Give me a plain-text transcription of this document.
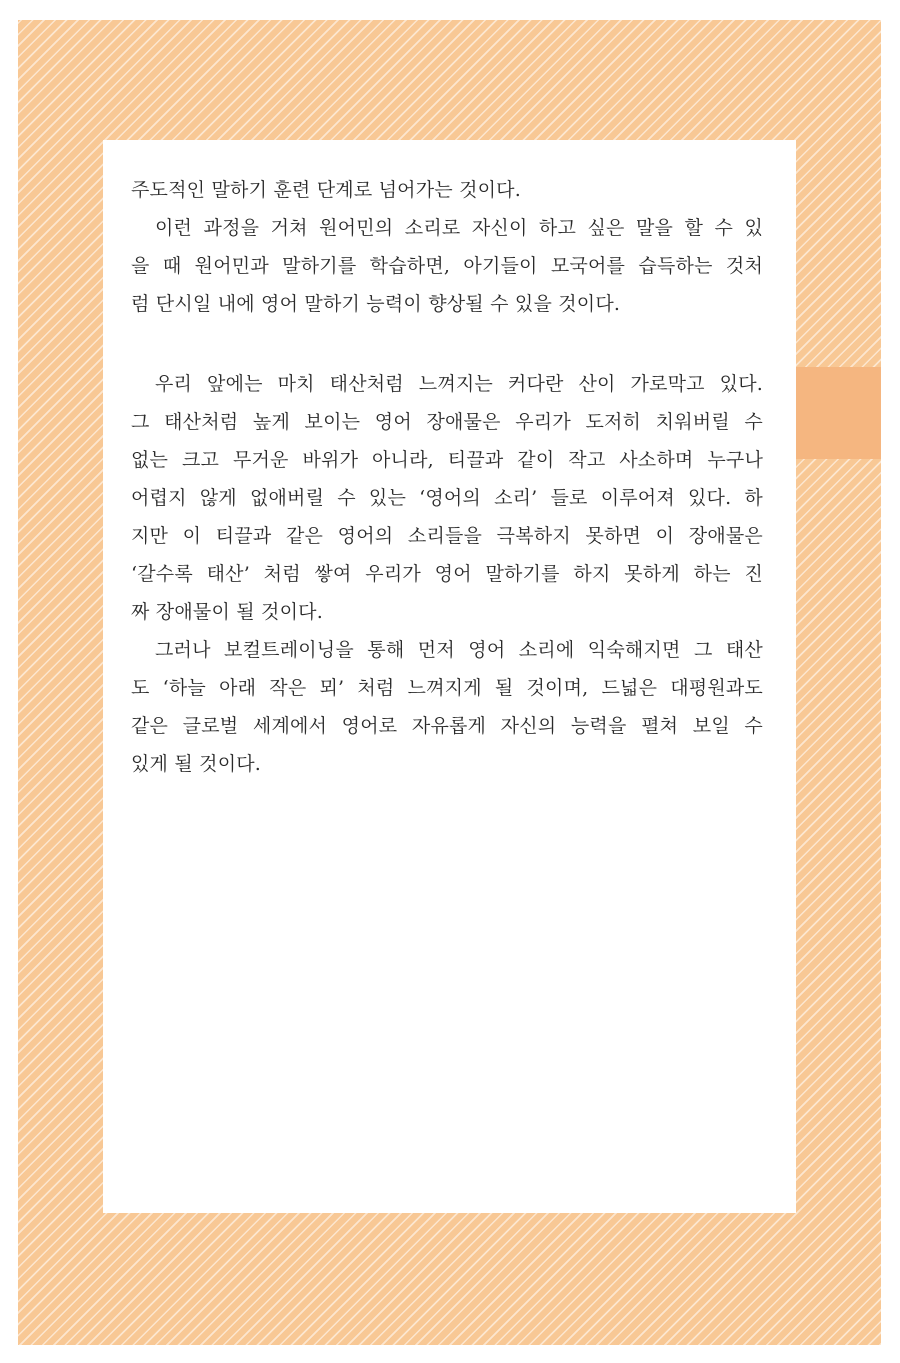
주도적인 말하기 훈련 단계로 넘어가는 것이다.
이런 과정을 거쳐 원어민의 소리로 자신이 하고 싶은 말을 할 수 있
을 때 원어민과 말하기를 학습하면, 아기들이 모국어를 습득하는 것처
럼 단시일 내에 영어 말하기 능력이 향상될 수 있을 것이다.
우리 앞에는 마치 태산처럼 느껴지는 커다란 산이 가로막고 있다.
그 태산처럼 높게 보이는 영어 장애물은 우리가 도저히 치워버릴 수
없는 크고 무거운 바위가 아니라, 티끌과 같이 작고 사소하며 누구나
어렵지 않게 없애버릴 수 있는 ‘영어의 소리’ 들로 이루어져 있다. 하
지만 이 티끌과 같은 영어의 소리들을 극복하지 못하면 이 장애물은
‘갈수록 태산’ 처럼 쌓여 우리가 영어 말하기를 하지 못하게 하는 진
짜 장애물이 될 것이다.
그러나 보컬트레이닝을 통해 먼저 영어 소리에 익숙해지면 그 태산
도 ‘하늘 아래 작은 뫼’ 처럼 느껴지게 될 것이며, 드넓은 대평원과도
같은 글로벌 세계에서 영어로 자유롭게 자신의 능력을 펼쳐 보일 수
있게 될 것이다.
